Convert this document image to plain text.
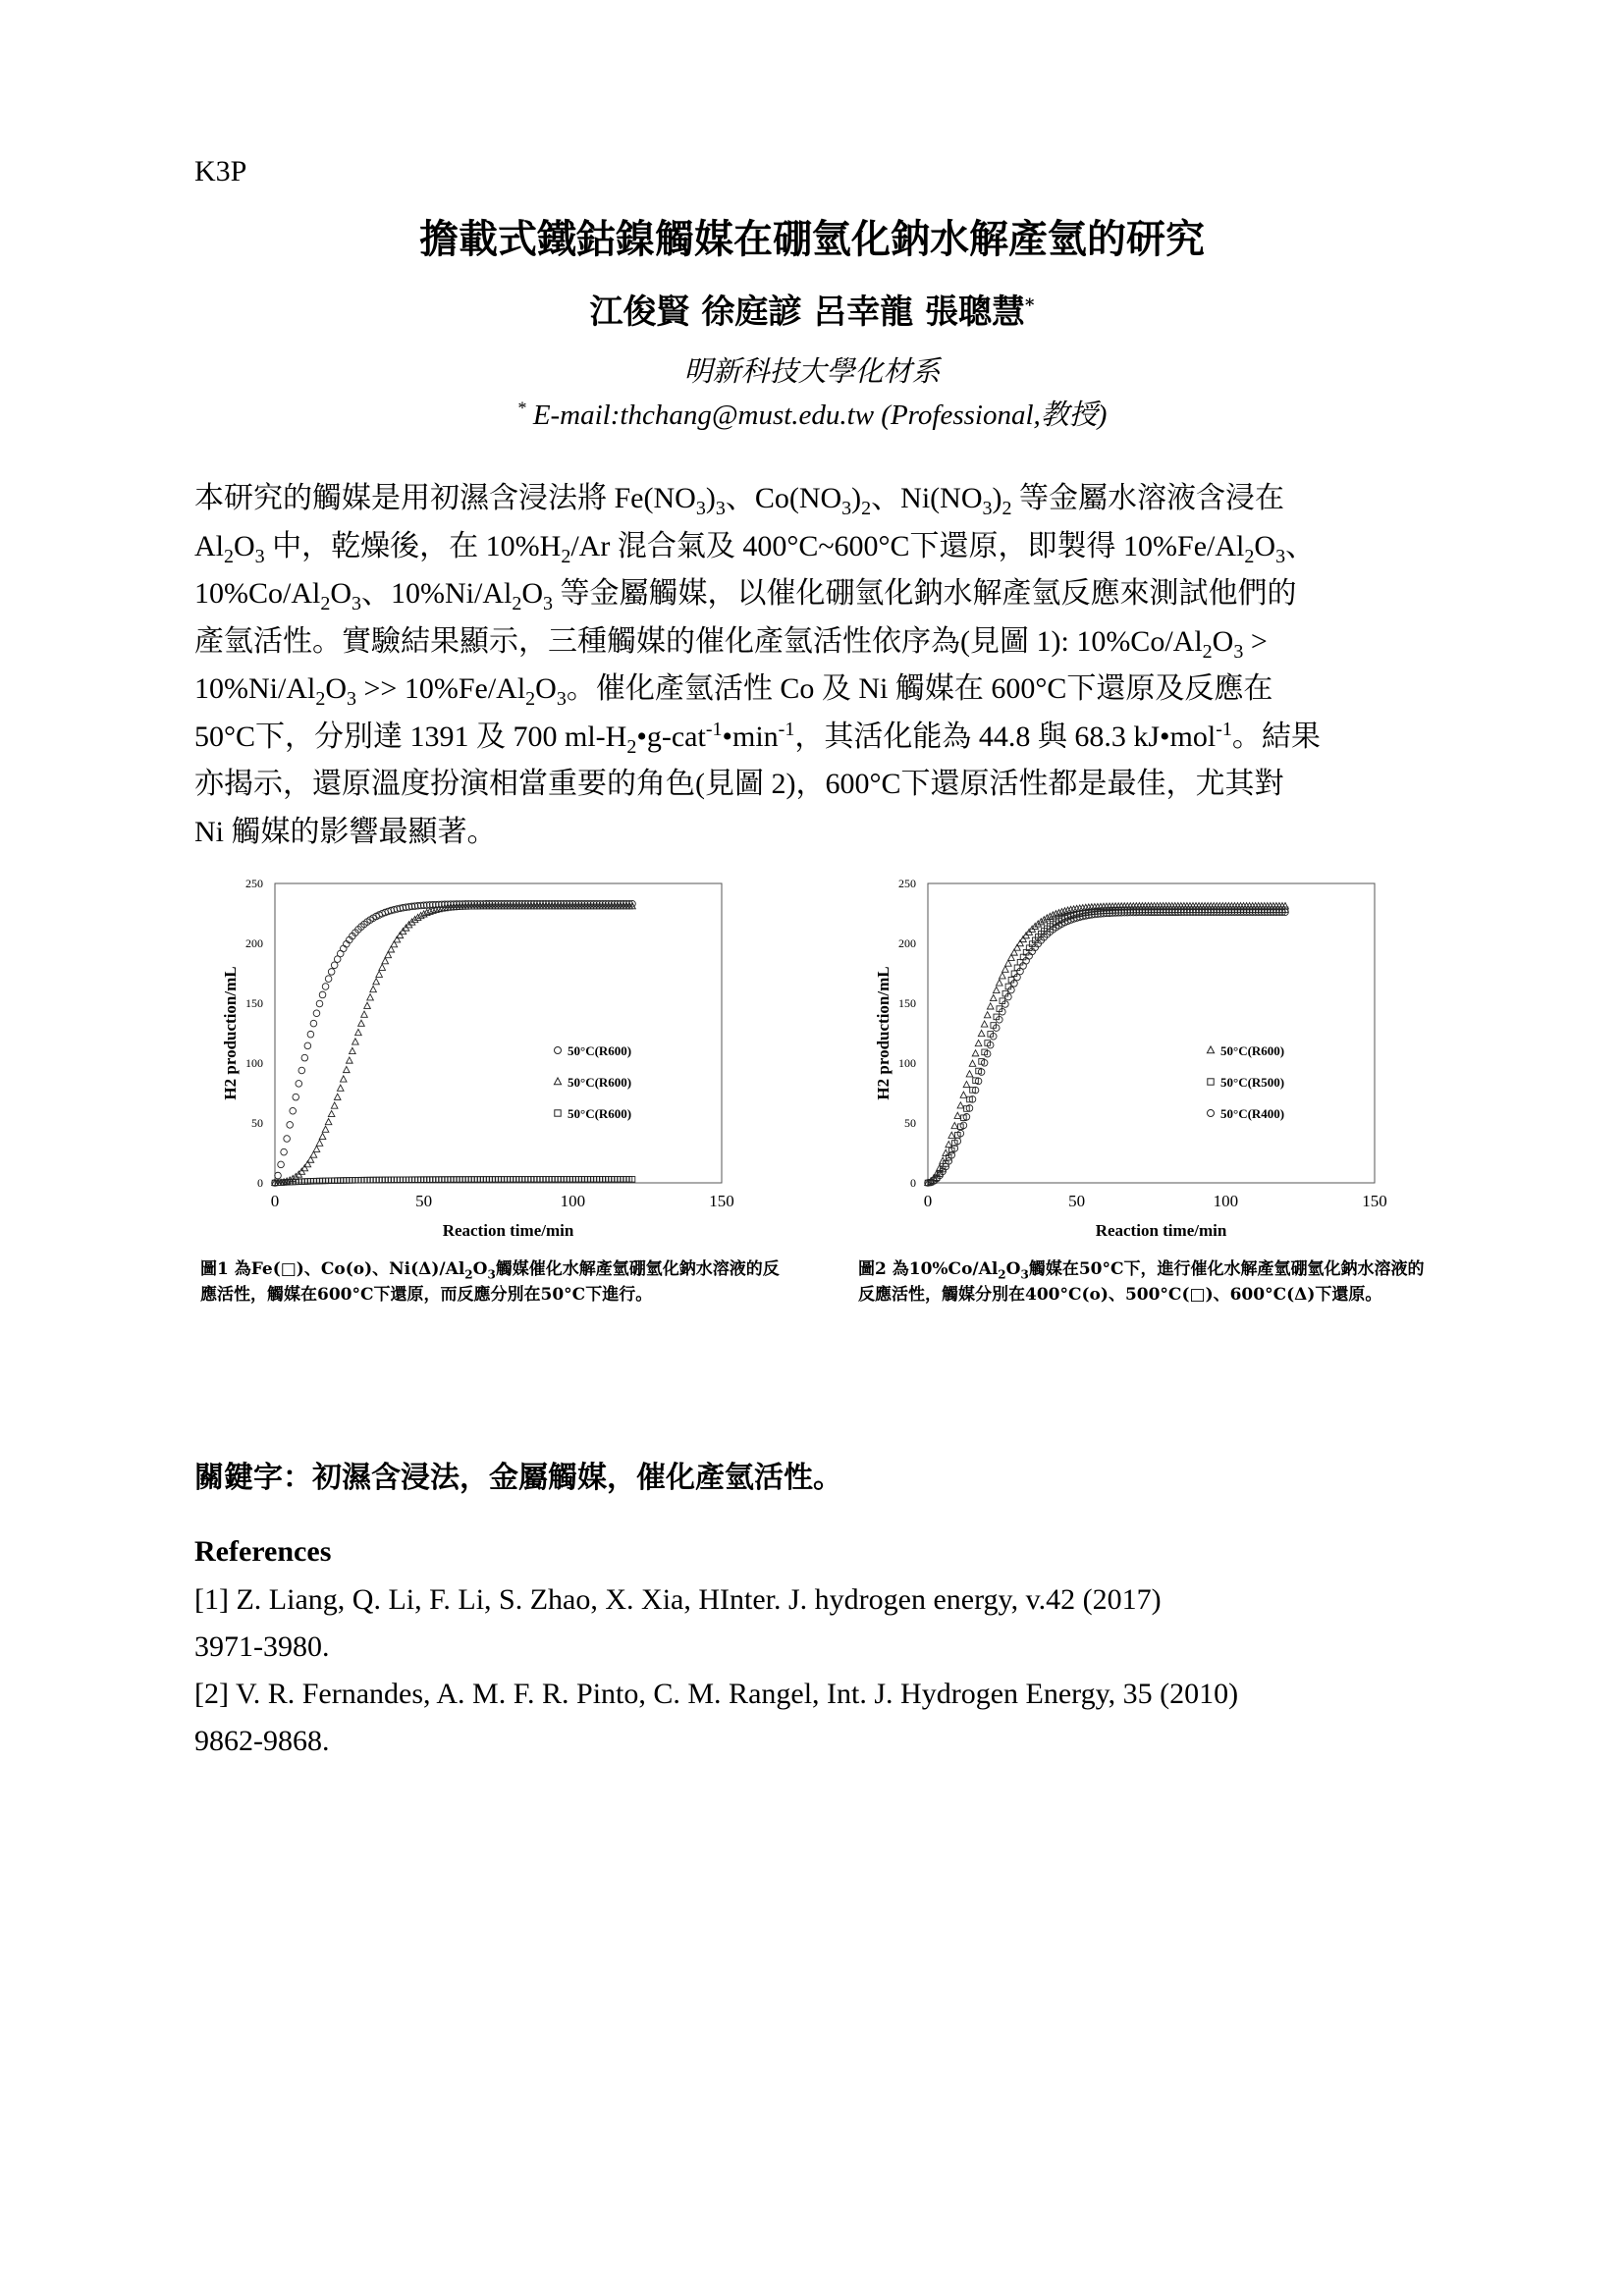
K3P
擔載式鐵鈷鎳觸媒在硼氫化鈉水解產氫的研究
江俊賢 徐庭諺 呂幸龍 張聰慧*
明新科技大學化材系
* E-mail:thchang@must.edu.tw (Professional,教授)
本研究的觸媒是用初濕含浸法將 $Fe(NO_3)_3$、$Co(NO_3)_2$、$Ni(NO_3)_2$ 等金屬水溶液含浸在
$Al_2O_3$ 中，乾燥後，在 $10\%H_2/Ar$ 混合氣及 400°C~600°C下還原，即製得 $10\%Fe/Al_2O_3$、
$10\%Co/Al_2O_3$、$10\%Ni/Al_2O_3$ 等金屬觸媒，以催化硼氫化鈉水解產氫反應來測試他們的
產氫活性。實驗結果顯示，三種觸媒的催化產氫活性依序為(見圖 1): $10\%Co/Al_2O_3$ >
$10\%Ni/Al_2O_3 >> 10\%Fe/Al_2O_3$。催化產氫活性 Co 及 Ni 觸媒在 600°C下還原及反應在
50°C下，分別達 1391 及 700 $ml-H_2•g-cat^{-1}•\min^{-1}$，其活化能為 44.8 與 68.3 kJ•mol$^{-1}$。結果
亦揭示，還原溫度扮演相當重要的角色(見圖 2)，600°C下還原活性都是最佳，尤其對
Ni 觸媒的影響最顯著。
0
50
100
150
200
250
0	50	100	150
Reaction time/min
H2 production/mL	50°C(R600)
50°C(R600)
50°C(R600)
圖1 為Fe(□)、Co(o)、$Ni(\Delta)/Al_2O_3$觸媒催化水解產氫硼氫化鈉水溶液的反
應活性，觸媒在600°C下還原，而反應分別在50°C下進行。
0
50
100
150
200
250
0	50	100	150
Reaction time/min
H2 production/mL	50°C(R600)
50°C(R500)
50°C(R400)
圖2 為$10\%Co/Al_2O_3$觸媒在50°C下，進行催化水解產氫硼氫化鈉水溶液的
反應活性，觸媒分別在400°C(o)、500°C(□)、600°C(Δ)下還原。
關鍵字：初濕含浸法，金屬觸媒，催化產氫活性。
References
[1] Z. Liang, Q. Li, F. Li, S. Zhao, X. Xia, HInter. J. hydrogen energy, v.42 (2017)
3971-3980.
[2] V. R. Fernandes, A. M. F. R. Pinto, C. M. Rangel, Int. J. Hydrogen Energy, 35 (2010)
9862-9868.
